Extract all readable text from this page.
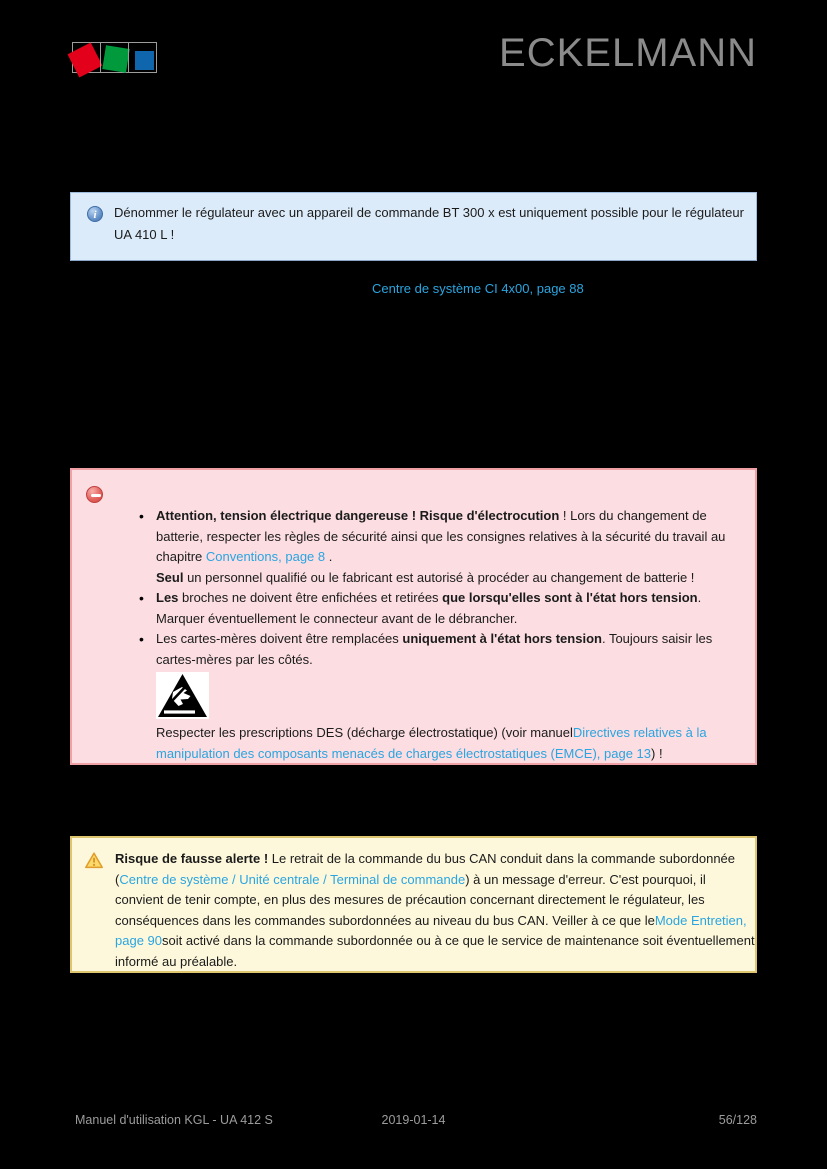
ECKELMANN
i
Dénommer le régulateur avec un appareil de commande BT 300 x est uniquement possible pour le régulateur UA 410 L !
Centre de système CI 4x00, page 88
• Attention, tension électrique dangereuse ! Risque d'électrocution ! Lors du changement de batterie, respecter les règles de sécurité ainsi que les consignes relatives à la sécurité du travail au chapitre Conventions, page 8 .
Seul un personnel qualifié ou le fabricant est autorisé à procéder au changement de batterie !
• Les broches ne doivent être enfichées et retirées que lorsqu'elles sont à l'état hors tension. Marquer éventuellement le connecteur avant de le débrancher.
• Les cartes-mères doivent être remplacées uniquement à l'état hors tension. Toujours saisir les cartes-mères par les côtés.
Respecter les prescriptions DES (décharge électrostatique) (voir manuelDirectives relatives à la manipulation des composants menacés de charges électrostatiques (EMCE), page 13) !
Risque de fausse alerte ! Le retrait de la commande du bus CAN conduit dans la commande subordonnée (Centre de système / Unité centrale / Terminal de commande) à un message d'erreur. C'est pourquoi, il convient de tenir compte, en plus des mesures de précaution concernant directement le régulateur, les conséquences dans les commandes subordonnées au niveau du bus CAN. Veiller à ce que leMode Entretien, page 90soit activé dans la commande subordonnée ou à ce que le service de maintenance soit éventuellement informé au préalable.
Manuel d'utilisation KGL - UA 412 S	2019-01-14	56/128
